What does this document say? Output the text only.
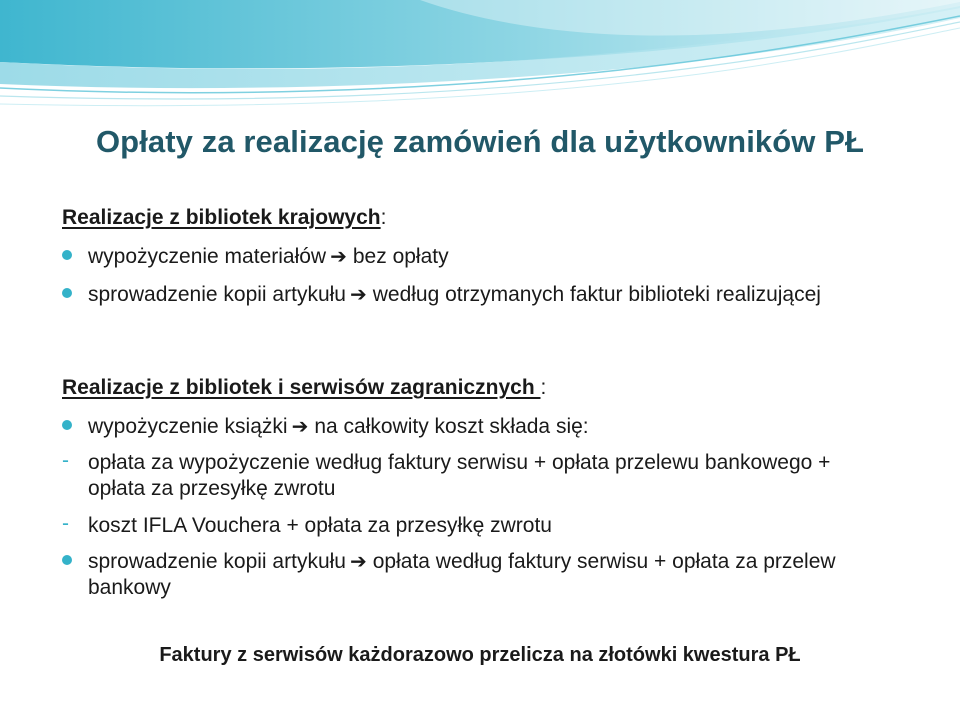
Opłaty za realizację zamówień dla użytkowników PŁ
Realizacje z bibliotek krajowych:
wypożyczenie materiałów ➔ bez opłaty
sprowadzenie kopii artykułu ➔ według otrzymanych faktur biblioteki realizującej
Realizacje z bibliotek i serwisów zagranicznych :
wypożyczenie książki ➔ na całkowity koszt składa się:
- opłata za wypożyczenie według faktury serwisu + opłata przelewu bankowego + opłata za przesyłkę zwrotu
- koszt IFLA Vouchera + opłata za przesyłkę zwrotu
sprowadzenie kopii artykułu ➔ opłata według faktury serwisu + opłata za przelew bankowy
Faktury z serwisów każdorazowo przelicza na złotówki kwestura PŁ
